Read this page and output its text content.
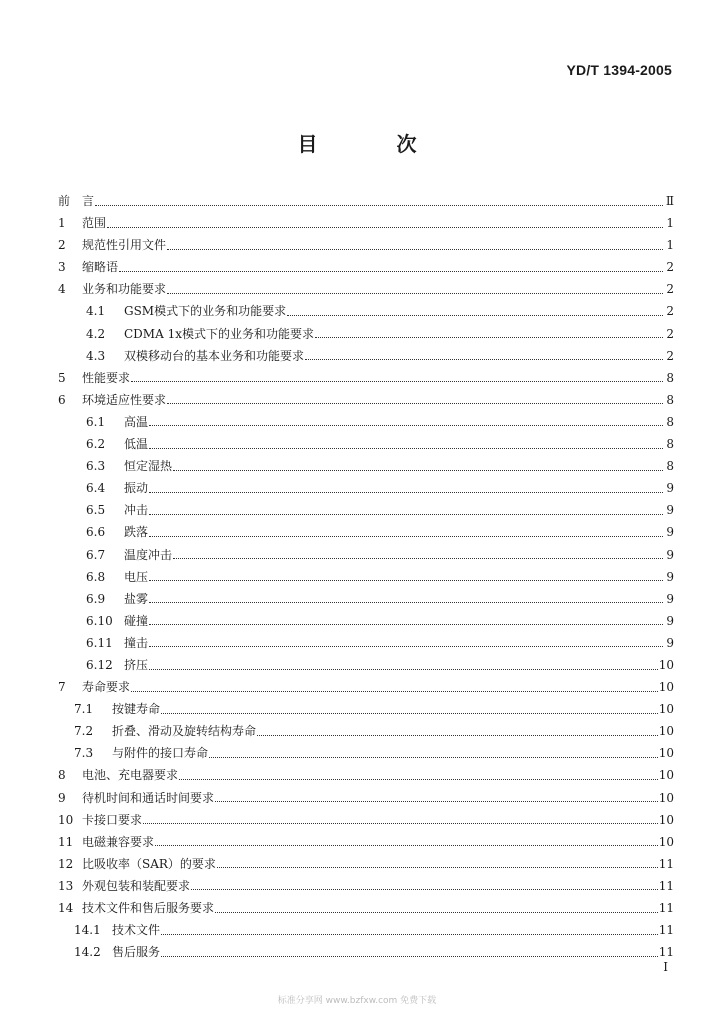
YD/T 1394-2005
目 次
前 言	Ⅱ
1	范围	1
2	规范性引用文件	1
3	缩略语	2
4	业务和功能要求	2
4.1	GSM模式下的业务和功能要求	2
4.2	CDMA 1x模式下的业务和功能要求	2
4.3	双模移动台的基本业务和功能要求	2
5	性能要求	8
6	环境适应性要求	8
6.1	高温	8
6.2	低温	8
6.3	恒定湿热	8
6.4	振动	9
6.5	冲击	9
6.6	跌落	9
6.7	温度冲击	9
6.8	电压	9
6.9	盐雾	9
6.10 碰撞	9
6.11 撞击	9
6.12 挤压	10
7	寿命要求	10
7.1	按键寿命	10
7.2	折叠、滑动及旋转结构寿命	10
7.3	与附件的接口寿命	10
8	电池、充电器要求	10
9	待机时间和通话时间要求	10
10 卡接口要求	10
11 电磁兼容要求	10
12 比吸收率（SAR）的要求	11
13 外观包装和装配要求	11
14 技术文件和售后服务要求	11
14.1 技术文件	11
14.2 售后服务	11
I
标准分享网 www.bzfxw.com 免费下载
